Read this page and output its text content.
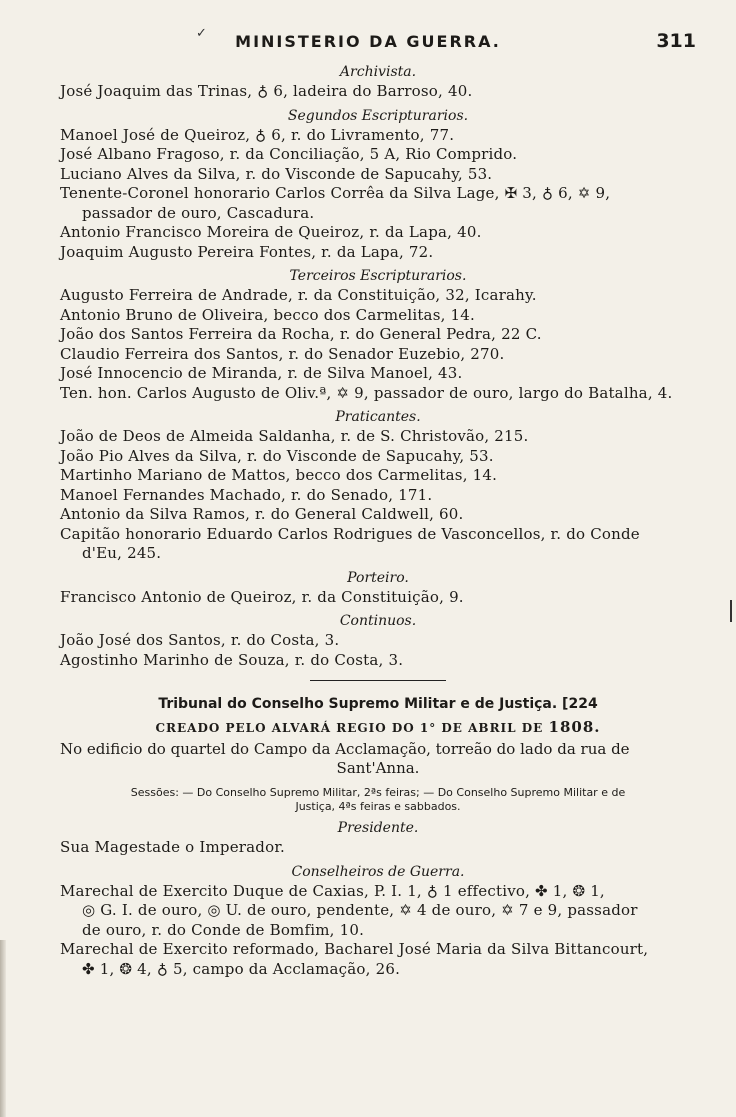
MINISTERIO DA GUERRA.	311
✓
Archivista.
José Joaquim das Trinas, ♁ 6, ladeira do Barroso, 40.
Segundos Escripturarios.
Manoel José de Queiroz, ♁ 6, r. do Livramento, 77.
José Albano Fragoso, r. da Conciliação, 5 A, Rio Comprido.
Luciano Alves da Silva, r. do Visconde de Sapucahy, 53.
Tenente-Coronel honorario Carlos Corrêa da Silva Lage, ✠ 3, ♁ 6, ✡ 9,
passador de ouro, Cascadura.
Antonio Francisco Moreira de Queiroz, r. da Lapa, 40.
Joaquim Augusto Pereira Fontes, r. da Lapa, 72.
Terceiros Escripturarios.
Augusto Ferreira de Andrade, r. da Constituição, 32, Icarahy.
Antonio Bruno de Oliveira, becco dos Carmelitas, 14.
João dos Santos Ferreira da Rocha, r. do General Pedra, 22 C.
Claudio Ferreira dos Santos, r. do Senador Euzebio, 270.
José Innocencio de Miranda, r. de Silva Manoel, 43.
Ten. hon. Carlos Augusto de Oliv.ª, ✡ 9, passador de ouro, largo do Batalha, 4.
Praticantes.
João de Deos de Almeida Saldanha, r. de S. Christovão, 215.
João Pio Alves da Silva, r. do Visconde de Sapucahy, 53.
Martinho Mariano de Mattos, becco dos Carmelitas, 14.
Manoel Fernandes Machado, r. do Senado, 171.
Antonio da Silva Ramos, r. do General Caldwell, 60.
Capitão honorario Eduardo Carlos Rodrigues de Vasconcellos, r. do Conde
d'Eu, 245.
Porteiro.
Francisco Antonio de Queiroz, r. da Constituição, 9.
Continuos.
João José dos Santos, r. do Costa, 3.
Agostinho Marinho de Souza, r. do Costa, 3.
Tribunal do Conselho Supremo Militar e de Justiça. [224
CREADO PELO ALVARÁ REGIO DO 1° DE ABRIL DE 1808.
No edificio do quartel do Campo da Acclamação, torreão do lado da rua de
Sant'Anna.
Sessões: — Do Conselho Supremo Militar, 2ªs feiras; — Do Conselho Supremo Militar e de
Justiça, 4ªs feiras e sabbados.
Presidente.
Sua Magestade o Imperador.
Conselheiros de Guerra.
Marechal de Exercito Duque de Caxias, P. I. 1, ♁ 1 effectivo, ✤ 1, ❂ 1,
◎ G. I. de ouro, ◎ U. de ouro, pendente, ✡ 4 de ouro, ✡ 7 e 9, passador
de ouro, r. do Conde de Bomfim, 10.
Marechal de Exercito reformado, Bacharel José Maria da Silva Bittancourt,
✤ 1, ❂ 4, ♁ 5, campo da Acclamação, 26.
